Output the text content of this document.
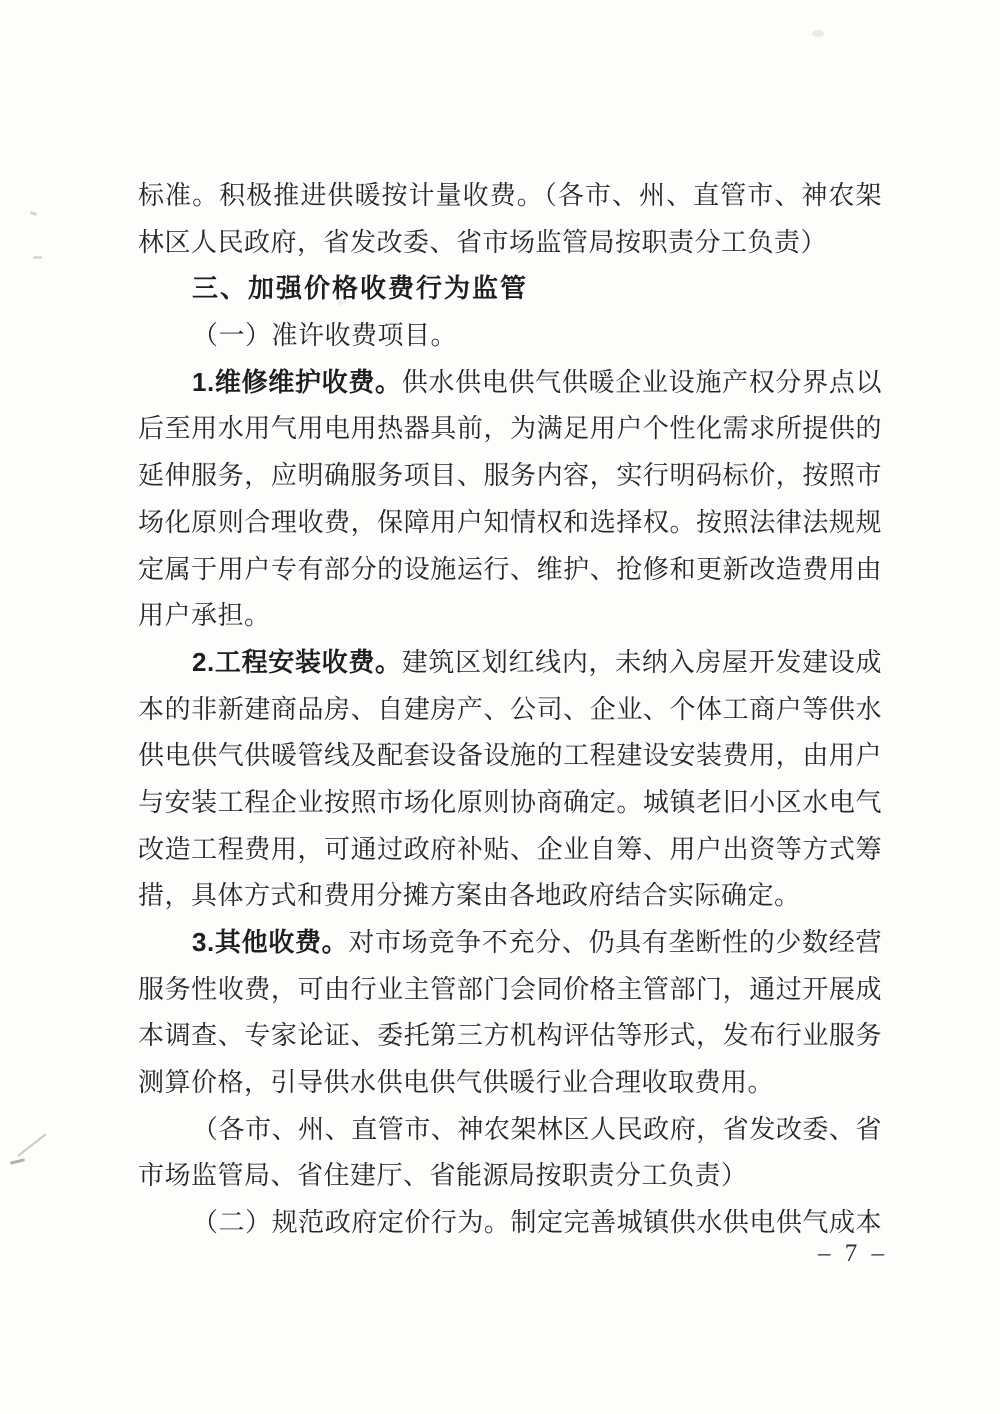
标准。积极推进供暖按计量收费。（各市、州、直管市、神农架
林区人民政府，省发改委、省市场监管局按职责分工负责）
三、加强价格收费行为监管
（一）准许收费项目。
1.维修维护收费。供水供电供气供暖企业设施产权分界点以
后至用水用气用电用热器具前，为满足用户个性化需求所提供的
延伸服务，应明确服务项目、服务内容，实行明码标价，按照市
场化原则合理收费，保障用户知情权和选择权。按照法律法规规
定属于用户专有部分的设施运行、维护、抢修和更新改造费用由
用户承担。
2.工程安装收费。建筑区划红线内，未纳入房屋开发建设成
本的非新建商品房、自建房产、公司、企业、个体工商户等供水
供电供气供暖管线及配套设备设施的工程建设安装费用，由用户
与安装工程企业按照市场化原则协商确定。城镇老旧小区水电气
改造工程费用，可通过政府补贴、企业自筹、用户出资等方式筹
措，具体方式和费用分摊方案由各地政府结合实际确定。
3.其他收费。对市场竞争不充分、仍具有垄断性的少数经营
服务性收费，可由行业主管部门会同价格主管部门，通过开展成
本调查、专家论证、委托第三方机构评估等形式，发布行业服务
测算价格，引导供水供电供气供暖行业合理收取费用。
（各市、州、直管市、神农架林区人民政府，省发改委、省
市场监管局、省住建厅、省能源局按职责分工负责）
（二）规范政府定价行为。制定完善城镇供水供电供气成本
– 7 –
